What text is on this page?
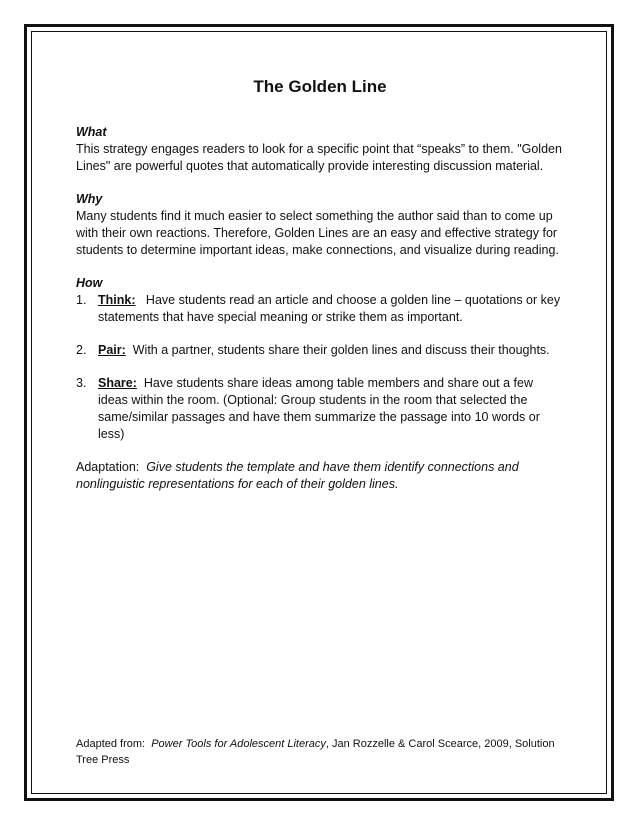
The Golden Line

What

This strategy engages readers to look for a specific point that “speaks” to them. "Golden Lines" are powerful quotes that automatically provide interesting discussion material.

Why

Many students find it much easier to select something the author said than to come up with their own reactions. Therefore, Golden Lines are an easy and effective strategy for students to determine important ideas, make connections, and visualize during reading.

How

1. Think: Have students read an article and choose a golden line – quotations or key statements that have special meaning or strike them as important.
2. Pair: With a partner, students share their golden lines and discuss their thoughts.
3. Share: Have students share ideas among table members and share out a few ideas within the room. (Optional: Group students in the room that selected the same/similar passages and have them summarize the passage into 10 words or less)

Adaptation: Give students the template and have them identify connections and nonlinguistic representations for each of their golden lines.

Adapted from: Power Tools for Adolescent Literacy, Jan Rozzelle & Carol Scearce, 2009, Solution Tree Press
